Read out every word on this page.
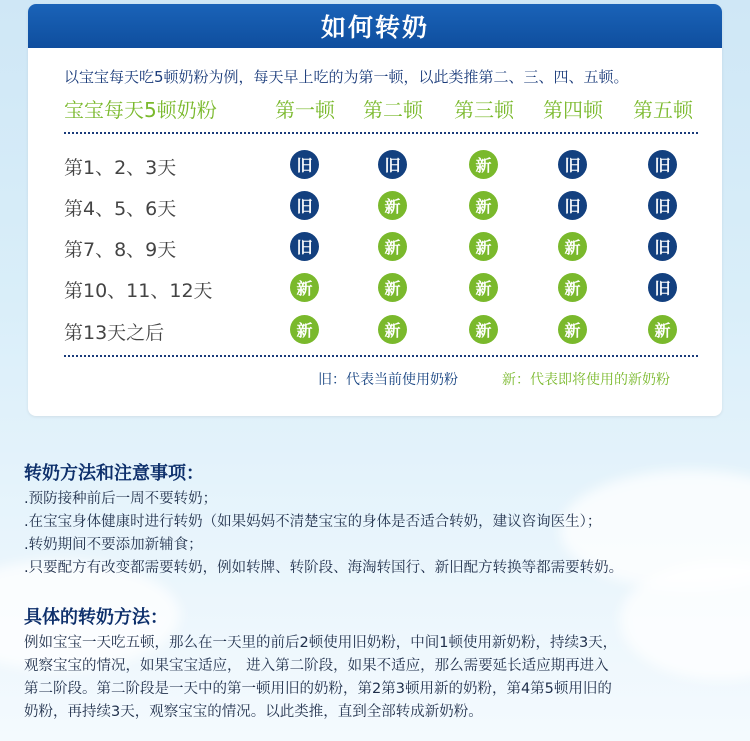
如何转奶
以宝宝每天吃5顿奶粉为例，每天早上吃的为第一顿，以此类推第二、三、四、五顿。
宝宝每天5顿奶粉	第一顿	第二顿	第三顿	第四顿	第五顿
第1、2、3天	旧	旧	新	旧	旧
第4、5、6天	旧	新	新	旧	旧
第7、8、9天	旧	新	新	新	旧
第10、11、12天	新	新	新	新	旧
第13天之后	新	新	新	新	新
旧：代表当前使用奶粉	新：代表即将使用的新奶粉
转奶方法和注意事项：
.预防接种前后一周不要转奶；
.在宝宝身体健康时进行转奶（如果妈妈不清楚宝宝的身体是否适合转奶，建议咨询医生）；
.转奶期间不要添加新辅食；
.只要配方有改变都需要转奶，例如转牌、转阶段、海淘转国行、新旧配方转换等都需要转奶。
具体的转奶方法：
例如宝宝一天吃五顿，那么在一天里的前后2顿使用旧奶粉，中间1顿使用新奶粉，持续3天，
观察宝宝的情况，如果宝宝适应， 进入第二阶段，如果不适应，那么需要延长适应期再进入
第二阶段。第二阶段是一天中的第一顿用旧的奶粉，第2第3顿用新的奶粉，第4第5顿用旧的
奶粉，再持续3天，观察宝宝的情况。以此类推，直到全部转成新奶粉。
